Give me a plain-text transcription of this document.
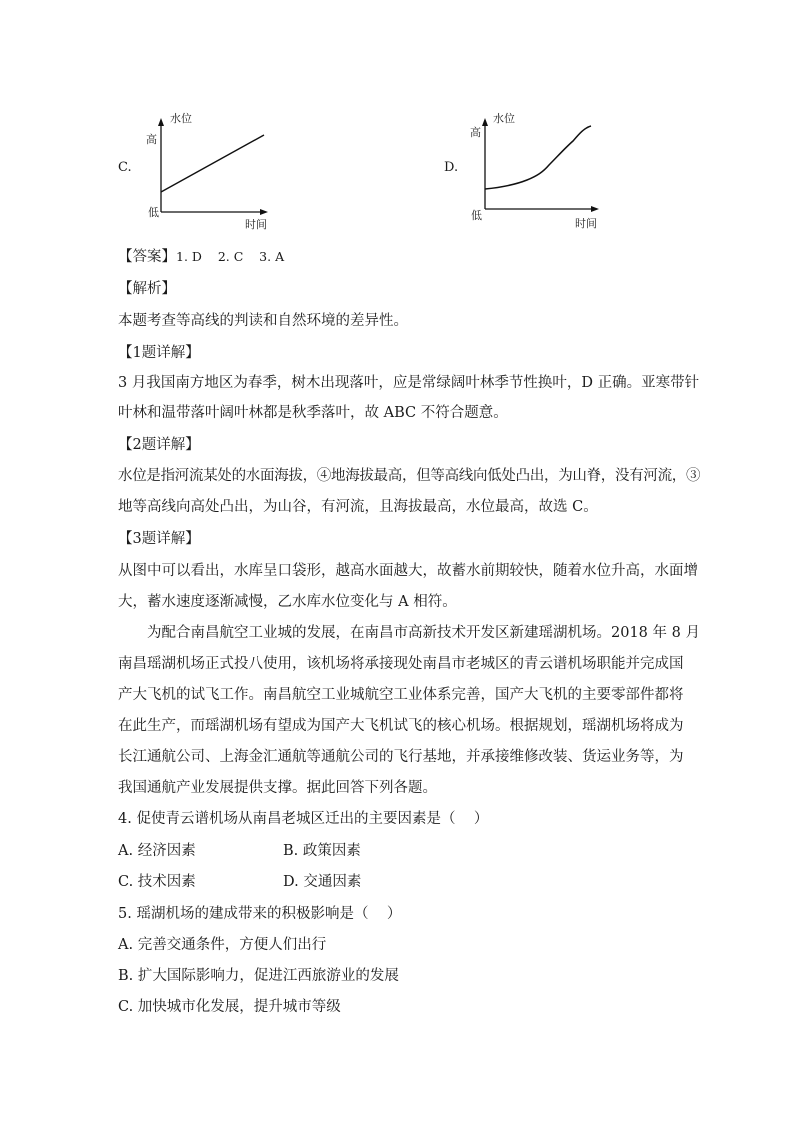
C.
水位
高
低
时间
D.
水位
高
低
时间
【答案】1. D    2. C    3. A
【解析】
本题考查等高线的判读和自然环境的差异性。
【1题详解】
3 月我国南方地区为春季，树木出现落叶，应是常绿阔叶林季节性换叶，D 正确。亚寒带针
叶林和温带落叶阔叶林都是秋季落叶，故 ABC 不符合题意。
【2题详解】
水位是指河流某处的水面海拔，④地海拔最高，但等高线向低处凸出，为山脊，没有河流，③
地等高线向高处凸出，为山谷，有河流，且海拔最高，水位最高，故选 C。
【3题详解】
从图中可以看出，水库呈口袋形，越高水面越大，故蓄水前期较快，随着水位升高，水面增
大，蓄水速度逐渐减慢，乙水库水位变化与 A 相符。
为配合南昌航空工业城的发展，在南昌市高新技术开发区新建瑶湖机场。2018 年 8 月
南昌瑶湖机场正式投八使用，该机场将承接现处南昌市老城区的青云谱机场职能并完成国
产大飞机的试飞工作。南昌航空工业城航空工业体系完善，国产大飞机的主要零部件都将
在此生产，而瑶湖机场有望成为国产大飞机试飞的核心机场。根据规划，瑶湖机场将成为
长江通航公司、上海金汇通航等通航公司的飞行基地，并承接维修改装、货运业务等，为
我国通航产业发展提供支撑。据此回答下列各题。
4. 促使青云谱机场从南昌老城区迁出的主要因素是（    ）
A. 经济因素	B. 政策因素
C. 技术因素	D. 交通因素
5. 瑶湖机场的建成带来的积极影响是（    ）
A. 完善交通条件，方便人们出行
B. 扩大国际影响力，促进江西旅游业的发展
C. 加快城市化发展，提升城市等级
